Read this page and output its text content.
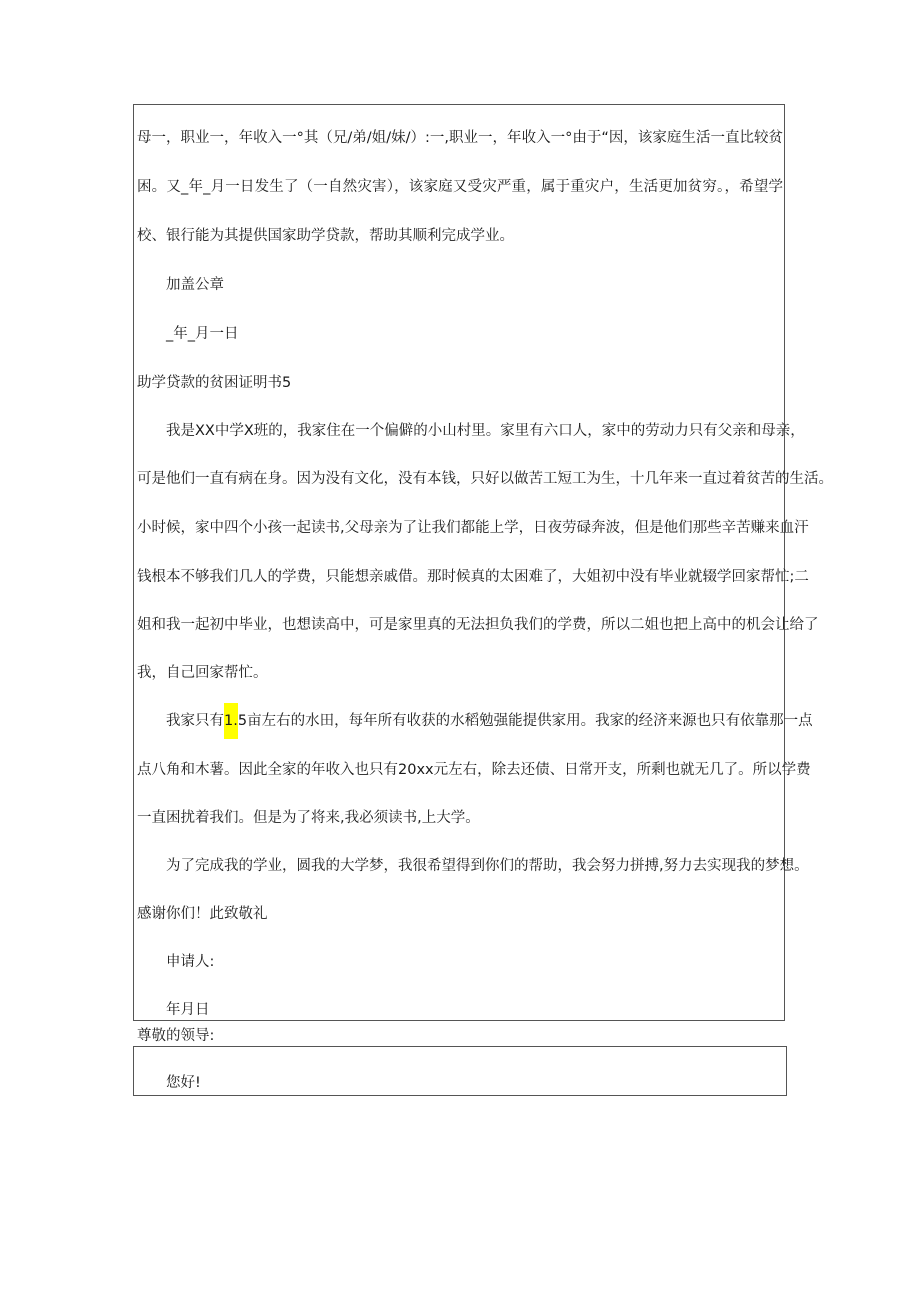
母一，职业一，年收入一°其（兄/弟/姐/妹/）:一,职业一，年收入一°由于“因，该家庭生活一直比较贫

困。又_年_月一日发生了（一自然灾害），该家庭又受灾严重，属于重灾户，生活更加贫穷。，希望学

校、银行能为其提供国家助学贷款，帮助其顺利完成学业。

加盖公章

_年_月一日

助学贷款的贫困证明书5

我是XX中学X班的，我家住在一个偏僻的小山村里。家里有六口人，家中的劳动力只有父亲和母亲，

可是他们一直有病在身。因为没有文化，没有本钱，只好以做苦工短工为生，十几年来一直过着贫苦的生活。

小时候，家中四个小孩一起读书,父母亲为了让我们都能上学，日夜劳碌奔波，但是他们那些辛苦赚来血汗

钱根本不够我们几人的学费，只能想亲戚借。那时候真的太困难了，大姐初中没有毕业就辍学回家帮忙;二

姐和我一起初中毕业，也想读高中，可是家里真的无法担负我们的学费，所以二姐也把上高中的机会让给了

我，自己回家帮忙。

我家只有1.5亩左右的水田，每年所有收获的水稻勉强能提供家用。我家的经济来源也只有依靠那一点

点八角和木薯。因此全家的年收入也只有20xx元左右，除去还债、日常开支，所剩也就无几了。所以学费

一直困扰着我们。但是为了将来,我必须读书,上大学。

为了完成我的学业，圆我的大学梦，我很希望得到你们的帮助，我会努力拼搏,努力去实现我的梦想。

感谢你们！此致敬礼

申请人:

年月日

尊敬的领导:

您好!
